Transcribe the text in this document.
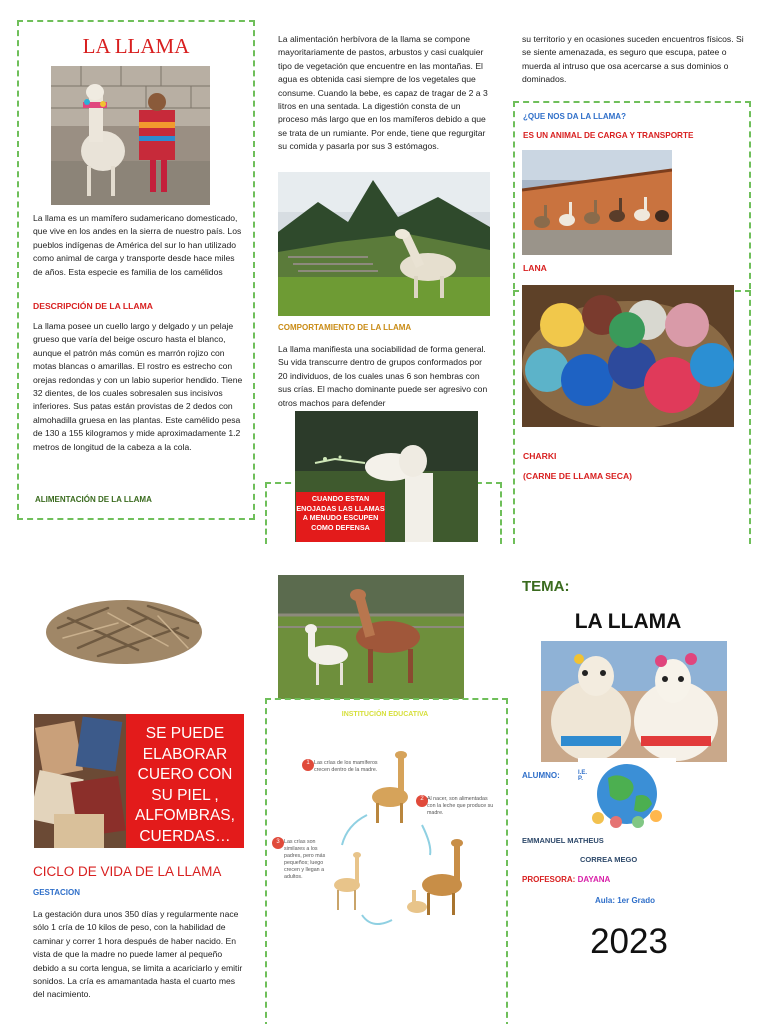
LA LLAMA
La llama es un mamífero sudamericano domesticado, que vive en los andes en la sierra de nuestro país. Los pueblos indígenas de América del sur lo han utilizado como animal de carga y transporte desde hace miles de años. Esta especie es familia de los camélidos
DESCRIPCIÓN DE LA LLAMA
La llama posee un cuello largo y delgado y un pelaje grueso que varía del beige oscuro hasta el blanco, aunque el patrón más común es marrón rojizo con motas blancas o amarillas. El rostro es estrecho con orejas redondas y con un labio superior hendido. Tiene 32 dientes, de los cuales sobresalen sus incisivos inferiores. Sus patas están provistas de 2 dedos con almohadilla gruesa en las plantas. Este camélido pesa de 130 a 155 kilogramos y mide aproximadamente 1.2 metros de longitud de la cabeza a la cola.
ALIMENTACIÓN DE LA LLAMA
La alimentación herbívora de la llama se compone mayoritariamente de pastos, arbustos y casi cualquier tipo de vegetación que encuentre en las montañas. El agua es obtenida casi siempre de los vegetales que consume. Cuando la bebe, es capaz de tragar de 2 a 3 litros en una sentada. La digestión consta de un proceso más largo que en los mamíferos debido a que se trata de un rumiante. Por ende, tiene que regurgitar su comida y pasarla por sus 3 estómagos.
COMPORTAMIENTO DE LA LLAMA
La llama manifiesta una sociabilidad de forma general. Su vida transcurre dentro de grupos conformados por 20 individuos, de los cuales unas 6 son hembras con sus crías. El macho dominante puede ser agresivo con otros machos para defender
CUANDO ESTAN ENOJADAS LAS LLAMAS A MENUDO ESCUPEN COMO DEFENSA
su territorio y en ocasiones suceden encuentros físicos. Si se siente amenazada, es seguro que escupa, patee o muerda al intruso que osa acercarse a sus dominios o dominados.
¿QUE NOS DA LA LLAMA?
ES UN ANIMAL DE CARGA Y TRANSPORTE
LANA
CHARKI
(CARNE DE LLAMA SECA)
SE PUEDE ELABORAR CUERO CON SU PIEL , ALFOMBRAS, CUERDAS…
CICLO DE VIDA DE LA LLAMA
GESTACION
La gestación dura unos 350 días y regularmente nace sólo 1 cría de 10 kilos de peso, con la habilidad de caminar y correr 1 hora después de haber nacido. En vista de que la madre no puede lamer al pequeño debido a su corta lengua, se limita a acariciarlo y emitir sonidos. La cría es amamantada hasta el cuarto mes del nacimiento.
INSTITUCIÓN EDUCATIVA
1 Las crías de los mamíferos crecen dentro de la madre.
2 Al nacer, son alimentadas con la leche que produce su madre.
3 Las crías son similares a los padres, pero más pequeños; luego crecen y llegan a adultos.
TEMA:
LA LLAMA
ALUMNO:	I.E.P.
EMMANUEL MATHEUS
CORREA MEGO
PROFESORA: DAYANA
Aula: 1er Grado
2023
